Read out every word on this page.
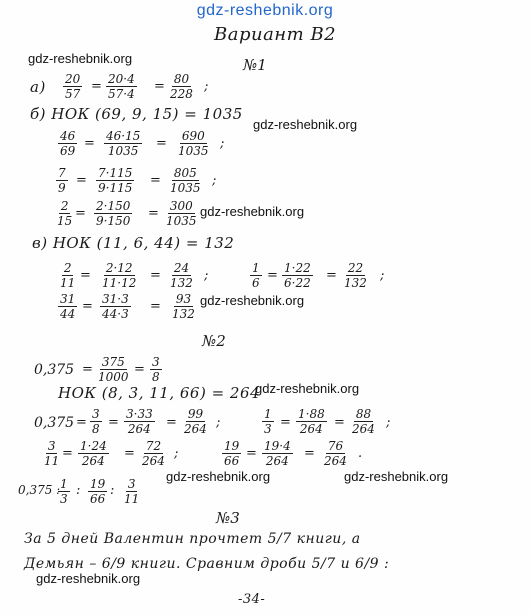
gdz-reshebnik.org
Вариант В2
№1
gdz-reshebnik.org
$а) \frac{20}{57} = \frac{20\cdot 4}{57\cdot 4} = \frac{80}{228}$ ;
б) НОК (69, 9, 15) = 1035
gdz-reshebnik.org
$\frac{46}{69} = \frac{46\cdot 15}{1035} = \frac{690}{1035}$ ;
$\frac{7}{9} = \frac{7\cdot 115}{9\cdot 115} = \frac{805}{1035}$ ;
$\frac{2}{15} = \frac{2\cdot 150}{9\cdot 150} = \frac{300}{1035}$ gdz-reshebnik.org
в) НОК (11, 6, 44) = 132
$\frac{2}{11} = \frac{2\cdot 12}{11\cdot 12} = \frac{24}{132}$ ;	$\frac{1}{6} = \frac{1\cdot 22}{6\cdot 22} = \frac{22}{132}$ ;
$\frac{31}{44} = \frac{31\cdot 3}{44\cdot 3} = \frac{93}{132}$ gdz-reshebnik.org
№2
$0,375 = \frac{375}{1000} = \frac{3}{8}$
НОК (8, 3, 11, 66) = 264
gdz-reshebnik.org
$0,375 = \frac{3}{8} = \frac{3\cdot 33}{264} = \frac{99}{264}$ ;	$\frac{1}{3} = \frac{1\cdot 88}{264} = \frac{88}{264}$ ;
$\frac{3}{11} = \frac{1\cdot 24}{264} = \frac{72}{264}$ ;	$\frac{19}{66} = \frac{19\cdot 4}{264} = \frac{76}{264}$ .
0,375 :
$\frac{1}{3}$ : $\frac{19}{66}$ : $\frac{3}{11}$
gdz-reshebnik.org	gdz-reshebnik.org
№3
За 5 дней Валентин прочтет 5/7 книги, а
Демьян – 6/9 книги. Сравним дроби 5/7 и 6/9 :
gdz-reshebnik.org
-34-
